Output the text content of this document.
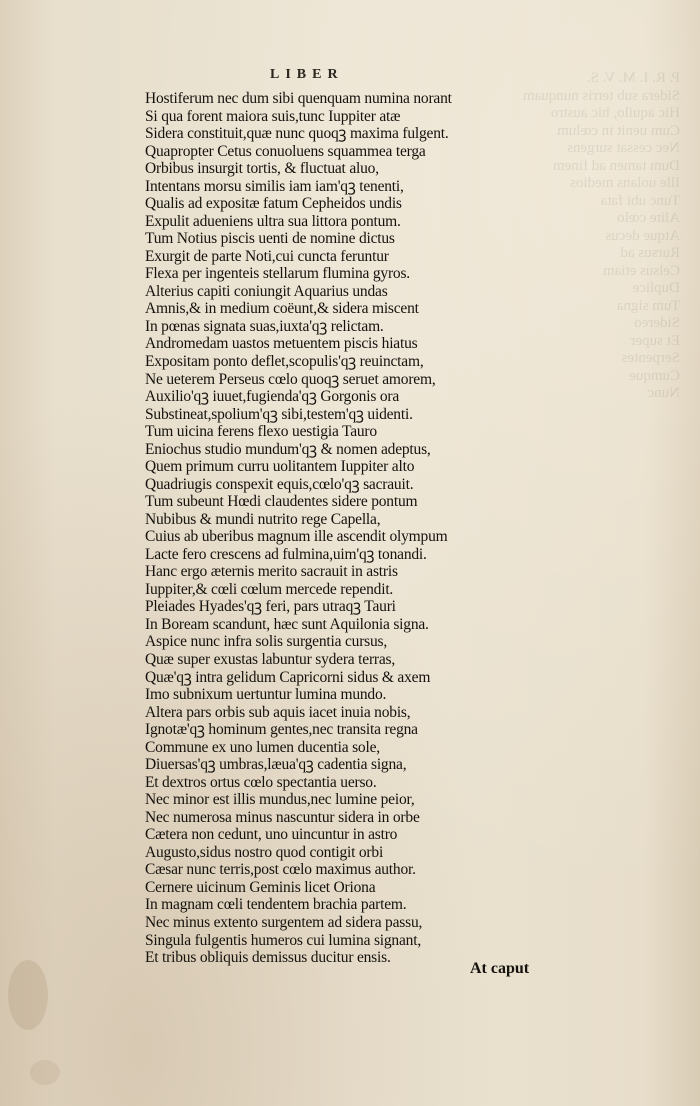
P. R. I. M. V. S.
Sidera sub terris nunquam
Hic aquilo, hic austro
Cum uenit in cœlum
Nec cessat surgens
Dum tamen ad finem
Ille uolans medios
Tunc ubi fata
Alite cœlo
Atque decus
Rursus ad
Celsus etiam
Duplice
Tum signa
Sidereo
Et super
Serpentes
Cumque
Nunc
LIBER
Hostiferum nec dum sibi quenquam numina norant
Si qua forent maiora suis,tunc Iuppiter atæ
Sidera constituit,quæ nunc quoqꝫ maxima fulgent.
Quapropter Cetus conuoluens squammea terga
Orbibus insurgit tortis, & fluctuat aluo,
Intentans morsu similis iam iam'qꝫ tenenti,
Qualis ad expositæ fatum Cepheidos undis
Expulit adueniens ultra sua littora pontum.
Tum Notius piscis uenti de nomine dictus
Exurgit de parte Noti,cui cuncta feruntur
Flexa per ingenteis stellarum flumina gyros.
Alterius capiti coniungit Aquarius undas
Amnis,& in medium coëunt,& sidera miscent
In pœnas signata suas,iuxta'qꝫ relictam.
Andromedam uastos metuentem piscis hiatus
Expositam ponto deflet,scopulis'qꝫ reuinctam,
Ne ueterem Perseus cœlo quoqꝫ seruet amorem,
Auxilio'qꝫ iuuet,fugienda'qꝫ Gorgonis ora
Substineat,spolium'qꝫ sibi,testem'qꝫ uidenti.
Tum uicina ferens flexo uestigia Tauro
Eniochus studio mundum'qꝫ & nomen adeptus,
Quem primum curru uolitantem Iuppiter alto
Quadriugis conspexit equis,cœlo'qꝫ sacrauit.
Tum subeunt Hœdi claudentes sidere pontum
Nubibus & mundi nutrito rege Capella,
Cuius ab uberibus magnum ille ascendit olympum
Lacte fero crescens ad fulmina,uim'qꝫ tonandi.
Hanc ergo æternis merito sacrauit in astris
Iuppiter,& cœli cœlum mercede rependit.
Pleiades Hyades'qꝫ feri, pars utraqꝫ Tauri
In Boream scandunt, hæc sunt Aquilonia signa.
Aspice nunc infra solis surgentia cursus,
Quæ super exustas labuntur sydera terras,
Quæ'qꝫ intra gelidum Capricorni sidus & axem
Imo subnixum uertuntur lumina mundo.
Altera pars orbis sub aquis iacet inuia nobis,
Ignotæ'qꝫ hominum gentes,nec transita regna
Commune ex uno lumen ducentia sole,
Diuersas'qꝫ umbras,læua'qꝫ cadentia signa,
Et dextros ortus cœlo spectantia uerso.
Nec minor est illis mundus,nec lumine peior,
Nec numerosa minus nascuntur sidera in orbe
Cætera non cedunt, uno uincuntur in astro
Augusto,sidus nostro quod contigit orbi
Cæsar nunc terris,post cœlo maximus author.
Cernere uicinum Geminis licet Oriona
In magnam cœli tendentem brachia partem.
Nec minus extento surgentem ad sidera passu,
Singula fulgentis humeros cui lumina signant,
Et tribus obliquis demissus ducitur ensis.
At caput
